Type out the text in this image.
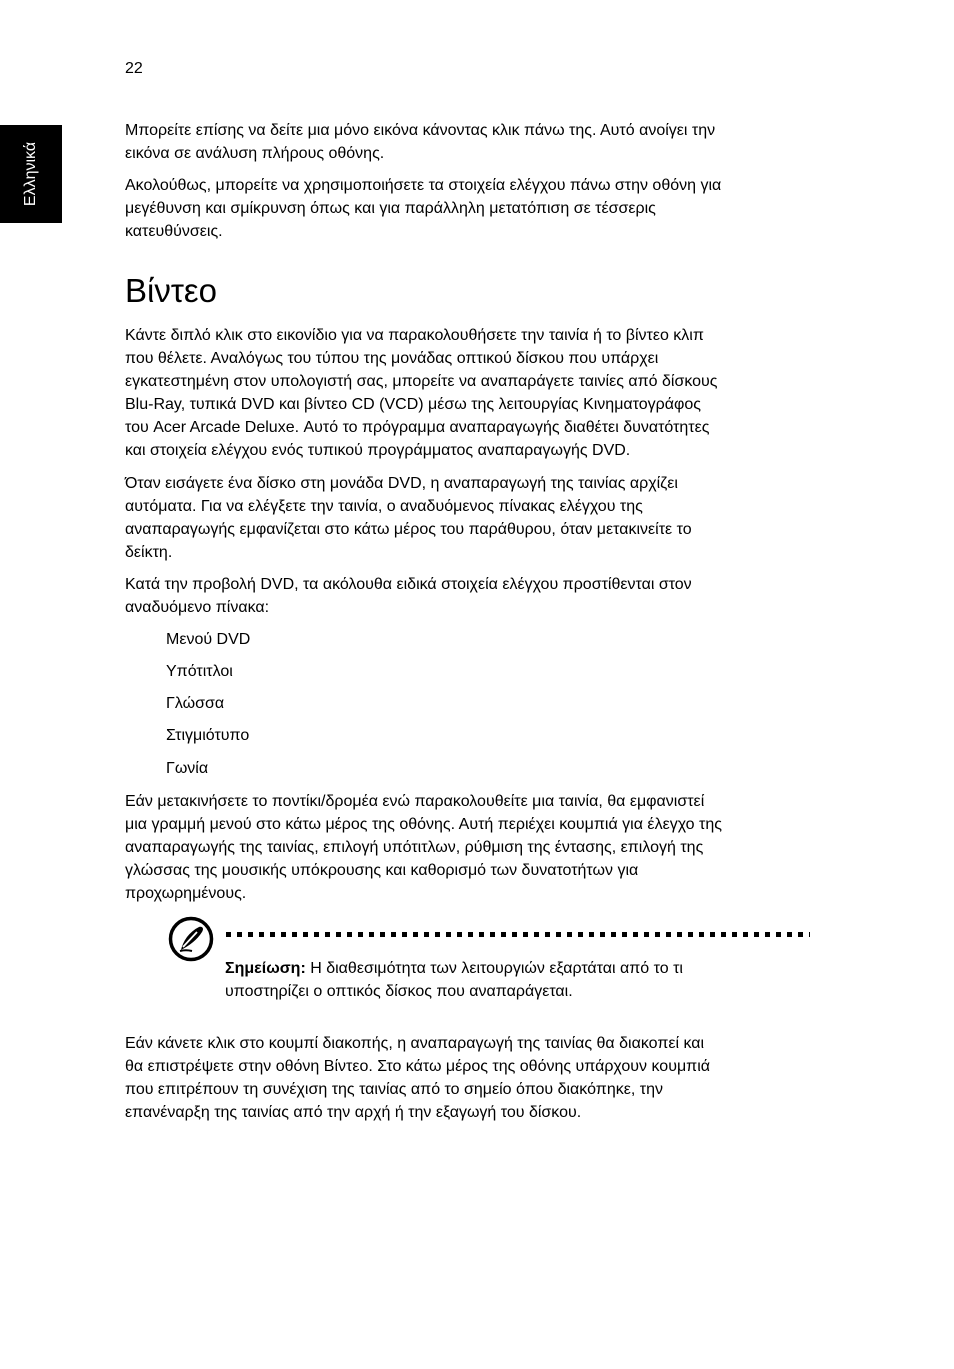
22
Ελληνικά
Μπορείτε επίσης να δείτε μια μόνο εικόνα κάνοντας κλικ πάνω της. Αυτό ανοίγει την
εικόνα σε ανάλυση πλήρους οθόνης.
Ακολούθως, μπορείτε να χρησιμοποιήσετε τα στοιχεία ελέγχου πάνω στην οθόνη για
μεγέθυνση και σμίκρυνση όπως και για παράλληλη μετατόπιση σε τέσσερις
κατευθύνσεις.
Βίντεο
Κάντε διπλό κλικ στο εικονίδιο για να παρακολουθήσετε την ταινία ή το βίντεο κλιπ
που θέλετε. Αναλόγως του τύπου της μονάδας οπτικού δίσκου που υπάρχει
εγκατεστημένη στον υπολογιστή σας, μπορείτε να αναπαράγετε ταινίες από δίσκους
Blu-Ray, τυπικά DVD και βίντεο CD (VCD) μέσω της λειτουργίας Κινηματογράφος
του Acer Arcade Deluxe. Αυτό το πρόγραμμα αναπαραγωγής διαθέτει δυνατότητες
και στοιχεία ελέγχου ενός τυπικού προγράμματος αναπαραγωγής DVD.
Όταν εισάγετε ένα δίσκο στη μονάδα DVD, η αναπαραγωγή της ταινίας αρχίζει
αυτόματα. Για να ελέγξετε την ταινία, ο αναδυόμενος πίνακας ελέγχου της
αναπαραγωγής εμφανίζεται στο κάτω μέρος του παράθυρου, όταν μετακινείτε το
δείκτη.
Κατά την προβολή DVD, τα ακόλουθα ειδικά στοιχεία ελέγχου προστίθενται στον
αναδυόμενο πίνακα:
Μενού DVD
Υπότιτλοι
Γλώσσα
Στιγμιότυπο
Γωνία
Εάν μετακινήσετε το ποντίκι/δρομέα ενώ παρακολουθείτε μια ταινία, θα εμφανιστεί
μια γραμμή μενού στο κάτω μέρος της οθόνης. Αυτή περιέχει κουμπιά για έλεγχο της
αναπαραγωγής της ταινίας, επιλογή υπότιτλων, ρύθμιση της έντασης, επιλογή της
γλώσσας της μουσικής υπόκρουσης και καθορισμό των δυνατοτήτων για
προχωρημένους.
Σημείωση: Η διαθεσιμότητα των λειτουργιών εξαρτάται από το τι
υποστηρίζει ο οπτικός δίσκος που αναπαράγεται.
Εάν κάνετε κλικ στο κουμπί διακοπής, η αναπαραγωγή της ταινίας θα διακοπεί και
θα επιστρέψετε στην οθόνη Βίντεο. Στο κάτω μέρος της οθόνης υπάρχουν κουμπιά
που επιτρέπουν τη συνέχιση της ταινίας από το σημείο όπου διακόπηκε, την
επανέναρξη της ταινίας από την αρχή ή την εξαγωγή του δίσκου.
